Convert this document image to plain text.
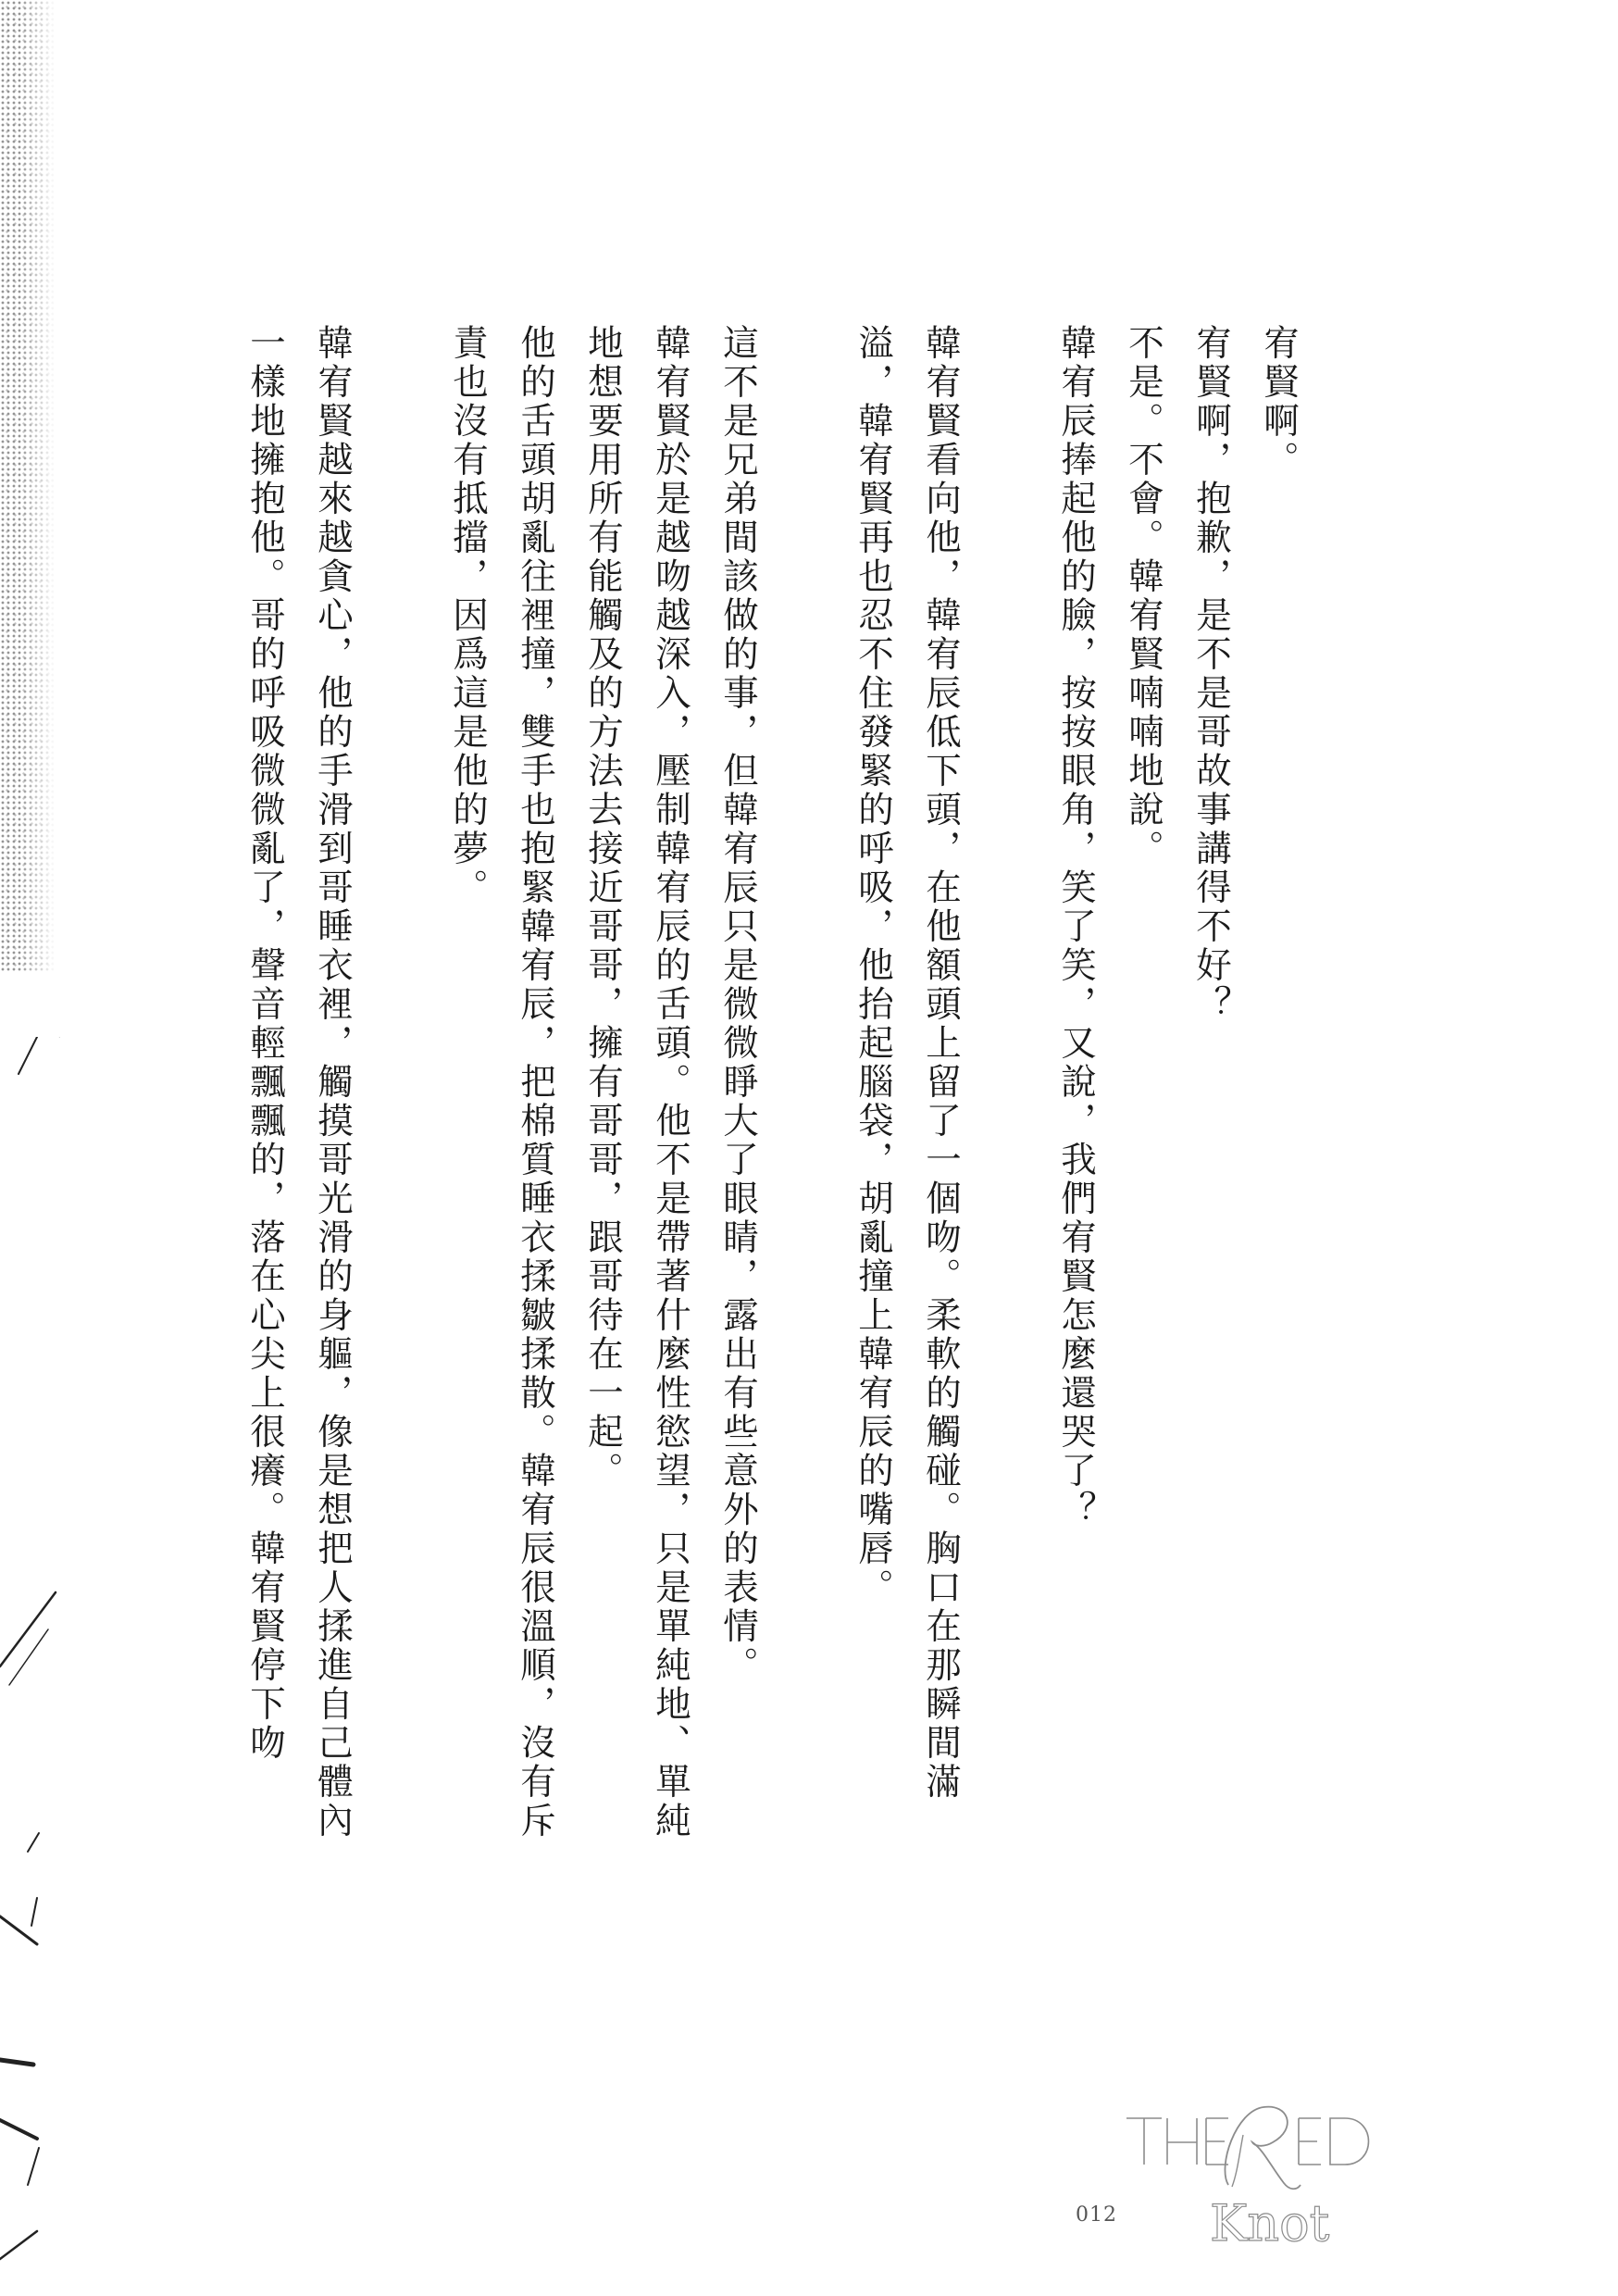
宥賢啊。

宥賢啊，抱歉，是不是哥故事講得不好？

不是。不會。韓宥賢喃喃地說。

韓宥辰捧起他的臉，按按眼角，笑了笑，又說，我們宥賢怎麼還哭了？

韓宥賢看向他，韓宥辰低下頭，在他額頭上留了一個吻。柔軟的觸碰。胸口在那瞬間滿溢，韓宥賢再也忍不住發緊的呼吸，他抬起腦袋，胡亂撞上韓宥辰的嘴唇。

這不是兄弟間該做的事，但韓宥辰只是微微睜大了眼睛，露出有些意外的表情。

韓宥賢於是越吻越深入，壓制韓宥辰的舌頭。他不是帶著什麼性慾望，只是單純地、單純地想要用所有能觸及的方法去接近哥哥，擁有哥哥，跟哥待在一起。

他的舌頭胡亂往裡撞，雙手也抱緊韓宥辰，把棉質睡衣揉皺揉散。韓宥辰很溫順，沒有斥責也沒有抵擋，因爲這是他的夢。

韓宥賢越來越貪心，他的手滑到哥睡衣裡，觸摸哥光滑的身軀，像是想把人揉進自己體內一樣地擁抱他。哥的呼吸微微亂了，聲音輕飄飄的，落在心尖上很癢。韓宥賢停下吻

Knot
012
